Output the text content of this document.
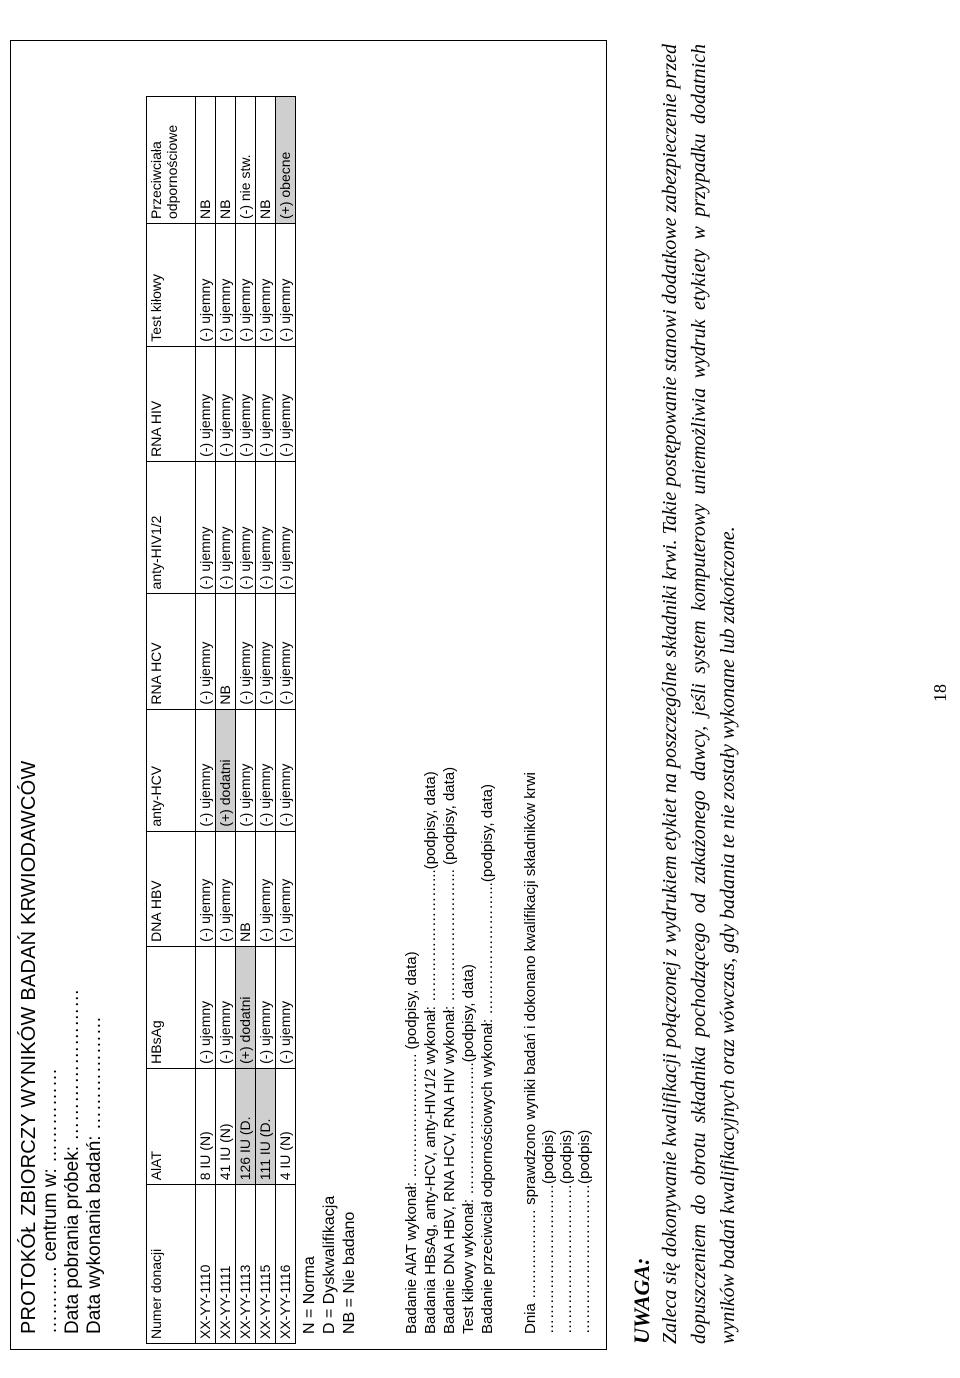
PROTOKÓŁ ZBIORCZY WYNIKÓW BADAŃ KRWIODAWCÓW ……….. centrum w: …………… Data pobrania próbek: …………………… Data wykonania badań: ………………	Numer donacji	AlAT	HBsAg	DNA HBV	anty-HCV	RNA HCV	anty-HIV1/2	RNA HIV	Test kiłowy	Przeciwciała odpornościowe
XX-YY-1110	8 IU (N)	(-) ujemny	(-) ujemny	(-) ujemny	(-) ujemny	(-) ujemny	(-) ujemny	(-) ujemny	NB
XX-YY-1111	41 IU (N)	(-) ujemny	(-) ujemny	(+) dodatni	NB	(-) ujemny	(-) ujemny	(-) ujemny	NB
XX-YY-1113	126 IU (D.	(+) dodatni	NB	(-) ujemny	(-) ujemny	(-) ujemny	(-) ujemny	(-) ujemny	(-) nie stw.
XX-YY-1115	111 IU (D.	(-) ujemny	(-) ujemny	(-) ujemny	(-) ujemny	(-) ujemny	(-) ujemny	(-) ujemny	NB
XX-YY-1116	4 IU (N)	(-) ujemny	(-) ujemny	(-) ujemny	(-) ujemny	(-) ujemny	(-) ujemny	(-) ujemny	(+) obecne
N = Norma D = Dyskwalifikacja NB = Nie badano	Badanie AlAT wykonał: ……………………. (podpisy, data) Badania HBsAg, anty-HCV, anty-HIV1/2 wykonał: ……………………...(podpisy, data) Badanie DNA HBV, RNA HCV, RNA HIV wykonał: ……………………... (podpisy, data) Test kiłowy wykonał: ……………………...(podpisy, data) Badanie przeciwciał odpornościowych wykonał: ……………………...(podpisy, data) Dnia ……………… sprawdzono wyniki badań i dokonano kwalifikacji składników krwi …………………………(podpis) …………………………(podpis) …………………………(podpis) UWAGA: Zaleca się dokonywanie kwalifikacji połączonej z wydrukiem etykiet na poszczególne składniki krwi. Takie postępowanie stanowi dodatkowe zabezpieczenie przed dopuszczeniem do obrotu składnika pochodzącego od zakażonego dawcy, jeśli system komputerowy uniemożliwia wydruk etykiety w przypadku dodatnich wyników badań kwalifikacyjnych oraz wówczas, gdy badania te nie zostały wykonane lub zakończone.	18
